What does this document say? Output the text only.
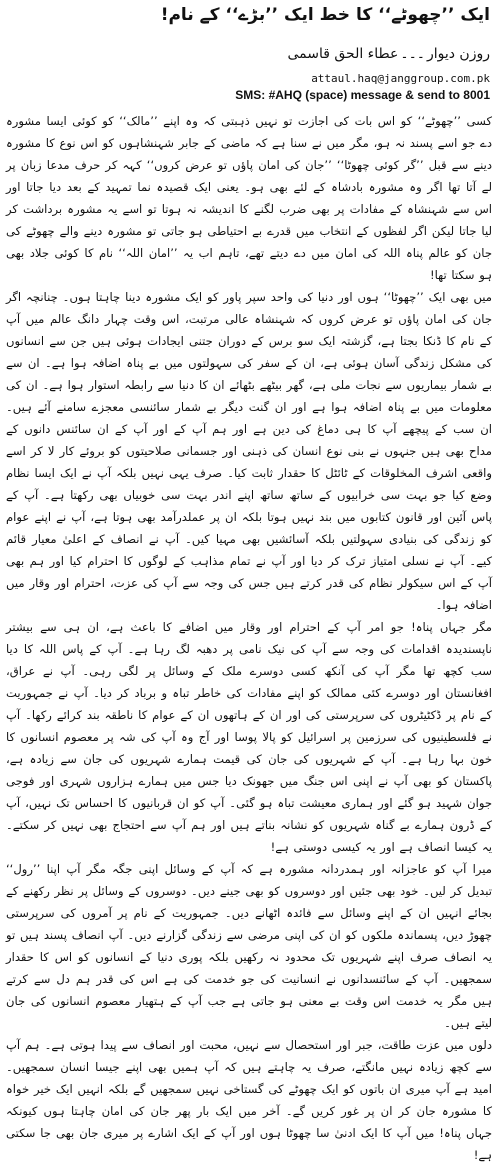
ایک ’’چھوٹے‘‘ کا خط ایک ’’بڑے‘‘ کے نام!
روزن دیوار۔۔۔عطاء الحق قاسمی
attaul.haq@janggroup.com.pk
SMS: #AHQ (space) message & send to 8001

کسی ’’چھوٹے‘‘ کو اس بات کی اجازت تو نہیں ذہبتی کہ وہ اپنے ’’مالک‘‘ کو کوئی ایسا مشورہ دے جو اسے پسند نہ ہو، مگر میں نے سنا ہے کہ ماضی کے جابر شہنشاہوں کو اس نوع کا مشورہ دینے سے قبل ’’گر کوئی چھوٹا‘‘ ’’جان کی امان پاؤں تو عرض کروں‘‘ کہہ کر حرف مدعا زبان پر لے آتا تھا اگر وہ مشورہ بادشاہ کے لئے بھی ہو۔ یعنی ایک قصیدہ نما تمہید کے بعد دیا جاتا اور اس سے شہنشاہ کے مفادات پر بھی ضرب لگنے کا اندیشہ نہ ہوتا تو اسے یہ مشورہ برداشت کر لیا جاتا لیکن اگر لفظوں کے انتخاب میں قدرے بے احتیاطی ہو جاتی تو مشورہ دینے والے چھوٹے کی جان کو عالم پناہ اللہ کی امان میں دے دیتے تھے، تاہم اب یہ ’’امان اللہ‘‘ نام کا کوئی جلاد بھی ہو سکتا تھا!

میں بھی ایک ’’چھوٹا‘‘ ہوں اور دنیا کی واحد سپر پاور کو ایک مشورہ دینا چاہتا ہوں۔ چنانچہ اگر جان کی امان پاؤں تو عرض کروں کہ شہنشاہ عالی مرتبت، اس وقت چہار دانگ عالم میں آپ کے نام کا ڈنکا بجتا ہے، گزشتہ ایک سو برس کے دوران جتنی ایجادات ہوئی ہیں جن سے انسانوں کی مشکل زندگی آسان ہوئی ہے، ان کے سفر کی سہولتوں میں بے پناہ اضافہ ہوا ہے۔ ان سے بے شمار بیماریوں سے نجات ملی ہے، گھر بیٹھے بٹھائے ان کا دنیا سے رابطہ استوار ہوا ہے۔ ان کی معلومات میں بے پناہ اضافہ ہوا ہے اور ان گنت دیگر بے شمار سائنسی معجزے سامنے آئے ہیں۔ ان سب کے پیچھے آپ کا ہی دماغ کی دین ہے اور ہم آپ کے اور آپ کے ان سائنس دانوں کے مداح بھی ہیں جنہوں نے بنی نوع انسان کی ذہنی اور جسمانی صلاحیتوں کو بروئے کار لا کر اسے واقعی اشرف المخلوقات کے ٹائٹل کا حقدار ثابت کیا۔ صرف یہی نہیں بلکہ آپ نے ایک ایسا نظام وضع کیا جو بہت سی خرابیوں کے ساتھ ساتھ اپنے اندر بہت سی خوبیاں بھی رکھتا ہے۔ آپ کے پاس آئین اور قانون کتابوں میں بند نہیں ہوتا بلکہ ان پر عملدرآمد بھی ہوتا ہے، آپ نے اپنے عوام کو زندگی کی بنیادی سہولتیں بلکہ آسائشیں بھی مہیا کیں۔ آپ نے انصاف کے اعلیٰ معیار قائم کیے۔ آپ نے نسلی امتیاز ترک کر دیا اور آپ نے تمام مذاہب کے لوگوں کا احترام کیا اور ہم بھی آپ کے اس سیکولر نظام کی قدر کرتے ہیں جس کی وجہ سے آپ کی عزت، احترام اور وقار میں اضافہ ہوا۔

مگر جہاں پناہ! جو امر آپ کے احترام اور وقار میں اضافے کا باعث ہے، ان ہی سے بیشتر ناپسندیدہ اقدامات کی وجہ سے آپ کی نیک نامی پر دھبہ لگ رہا ہے۔ آپ کے پاس اللہ کا دیا سب کچھ تھا مگر آپ کی آنکھ کسی دوسرے ملک کے وسائل پر لگی رہی۔ آپ نے عراق، افغانستان اور دوسرے کئی ممالک کو اپنے مفادات کی خاطر تباہ و برباد کر دیا۔ آپ نے جمہوریت کے نام پر ڈکٹیٹروں کی سرپرستی کی اور ان کے ہاتھوں ان کے عوام کا ناطقہ بند کرائے رکھا۔ آپ نے فلسطینیوں کی سرزمین پر اسرائیل کو پالا پوسا اور آج وہ آپ کی شہ پر معصوم انسانوں کا خون بہا رہا ہے۔ آپ کے شہریوں کی جان کی قیمت ہمارے شہریوں کی جان سے زیادہ ہے، پاکستان کو بھی آپ نے اپنی اس جنگ میں جھونک دیا جس میں ہمارے ہزاروں شہری اور فوجی جوان شہید ہو گئے اور ہماری معیشت تباہ ہو گئی۔ آپ کو ان قربانیوں کا احساس تک نہیں، آپ کے ڈرون ہمارے بے گناہ شہریوں کو نشانہ بناتے ہیں اور ہم آپ سے احتجاج بھی نہیں کر سکتے۔ یہ کیسا انصاف ہے اور یہ کیسی دوستی ہے!

میرا آپ کو عاجزانہ اور ہمدردانہ مشورہ ہے کہ آپ کے وسائل اپنی جگہ مگر آپ اپنا ’’رول‘‘ تبدیل کر لیں۔ خود بھی جئیں اور دوسروں کو بھی جینے دیں۔ دوسروں کے وسائل پر نظر رکھنے کے بجائے انہیں ان کے اپنے وسائل سے فائدہ اٹھانے دیں۔ جمہوریت کے نام پر آمروں کی سرپرستی چھوڑ دیں، پسماندہ ملکوں کو ان کی اپنی مرضی سے زندگی گزارنے دیں۔ آپ انصاف پسند ہیں تو یہ انصاف صرف اپنے شہریوں تک محدود نہ رکھیں بلکہ پوری دنیا کے انسانوں کو اس کا حقدار سمجھیں۔ آپ کے سائنسدانوں نے انسانیت کی جو خدمت کی ہے اس کی قدر ہم دل سے کرتے ہیں مگر یہ خدمت اس وقت بے معنی ہو جاتی ہے جب آپ کے ہتھیار معصوم انسانوں کی جان لیتے ہیں۔

دلوں میں عزت طاقت، جبر اور استحصال سے نہیں، محبت اور انصاف سے پیدا ہوتی ہے۔ ہم آپ سے کچھ زیادہ نہیں مانگتے، صرف یہ چاہتے ہیں کہ آپ ہمیں بھی اپنے جیسا انسان سمجھیں۔ امید ہے آپ میری ان باتوں کو ایک چھوٹے کی گستاخی نہیں سمجھیں گے بلکہ انہیں ایک خیر خواہ کا مشورہ جان کر ان پر غور کریں گے۔ آخر میں ایک بار پھر جان کی امان چاہتا ہوں کیونکہ جہاں پناہ! میں آپ کا ایک ادنیٰ سا چھوٹا ہوں اور آپ کے ایک اشارے پر میری جان بھی جا سکتی ہے!
